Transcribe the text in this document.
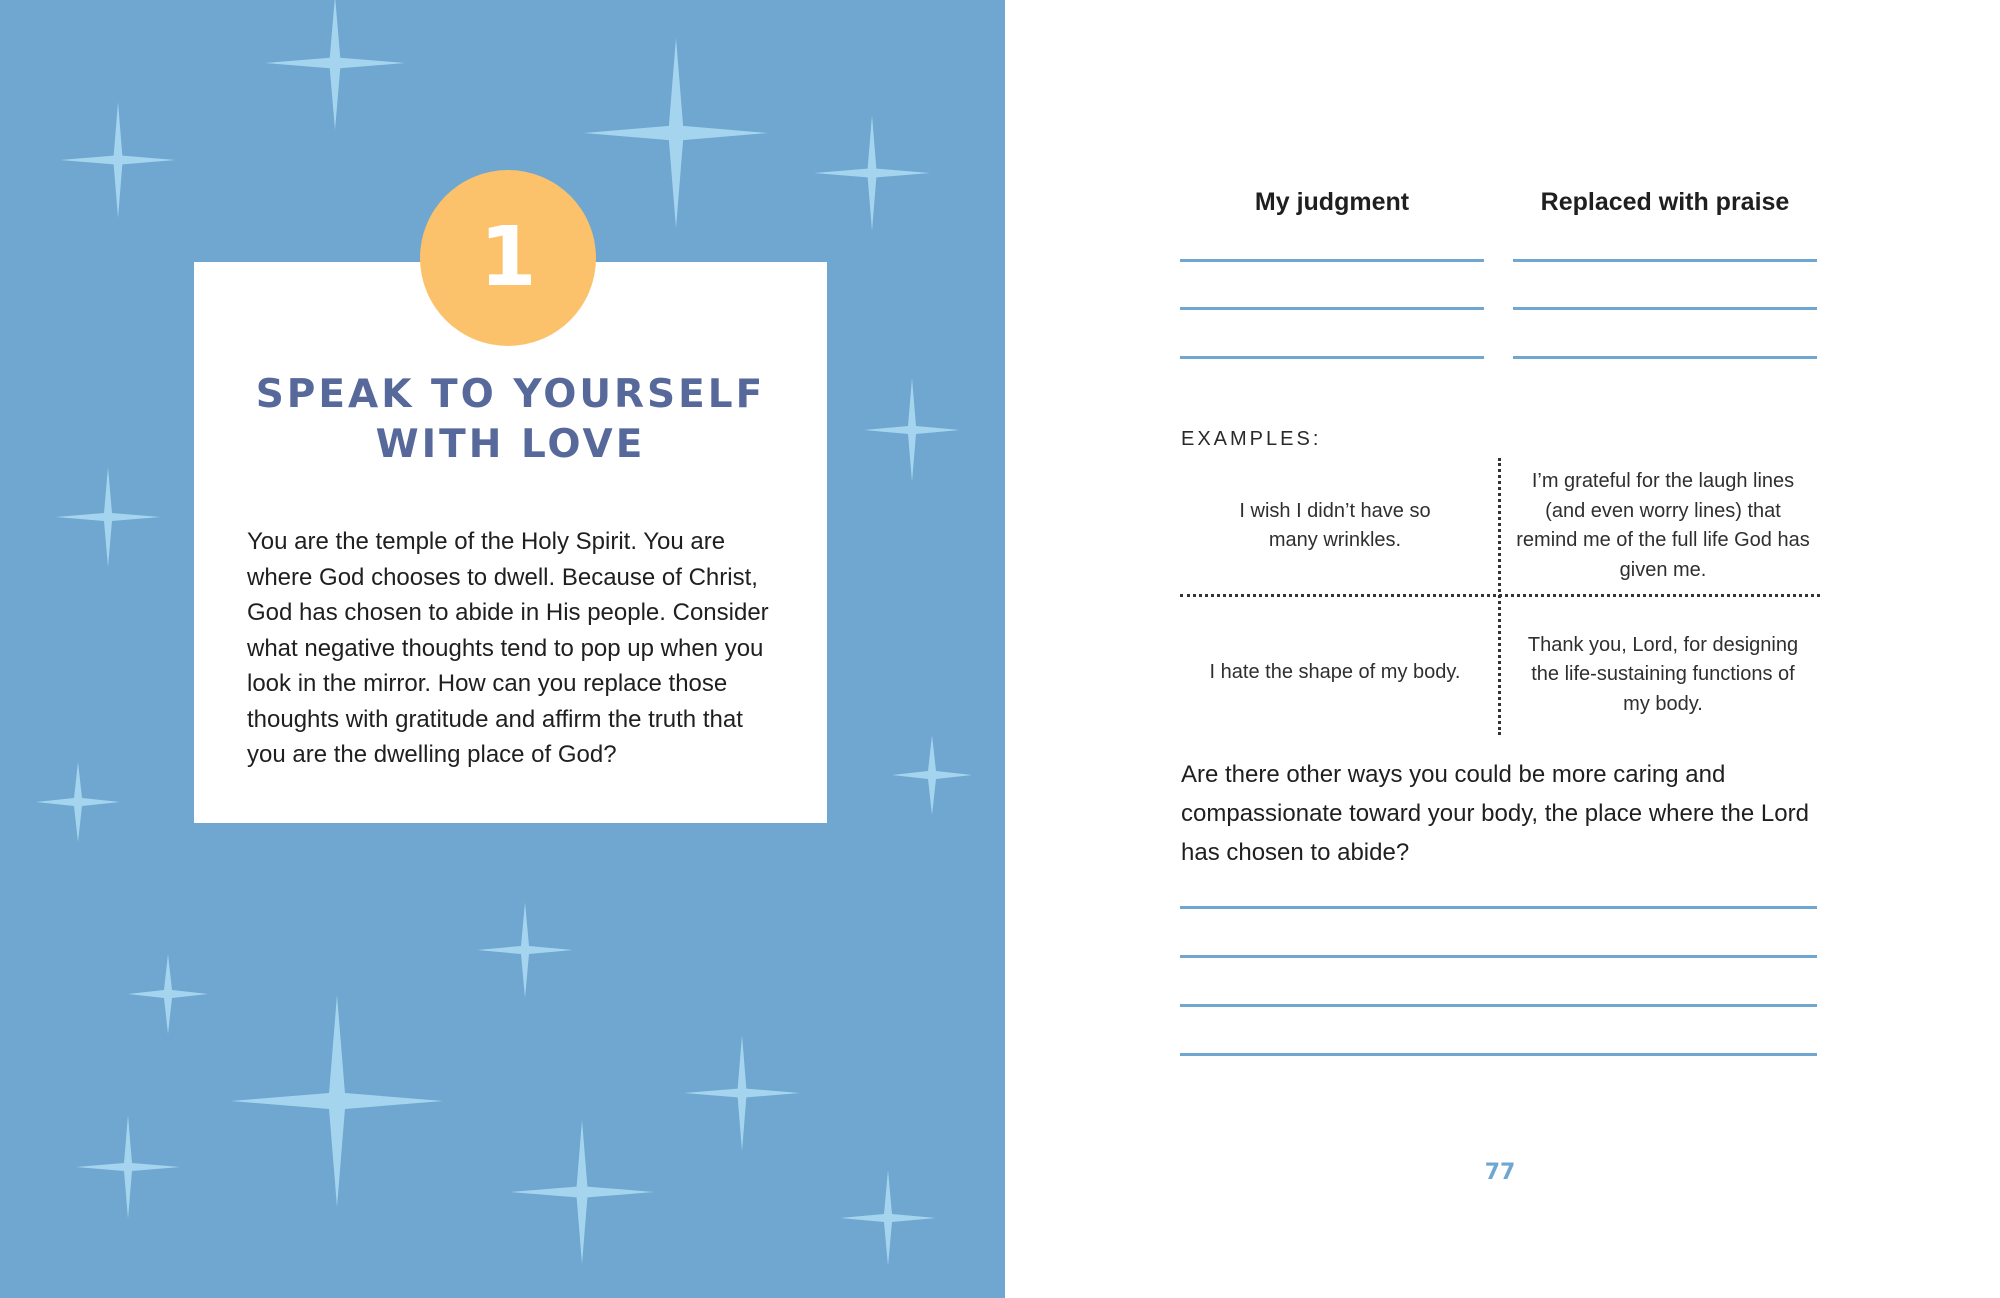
1
SPEAK TO YOURSELF
WITH LOVE

You are the temple of the Holy Spirit. You are where God chooses to dwell. Because of Christ, God has chosen to abide in His people. Consider what negative thoughts tend to pop up when you look in the mirror. How can you replace those thoughts with gratitude and affirm the truth that you are the dwelling place of God?

My judgment	Replaced with praise

EXAMPLES:

I wish I didn’t have so many wrinkles.
I’m grateful for the laugh lines (and even worry lines) that remind me of the full life God has given me.
I hate the shape of my body.
Thank you, Lord, for designing the life-sustaining functions of my body.

Are there other ways you could be more caring and compassionate toward your body, the place where the Lord has chosen to abide?

77
